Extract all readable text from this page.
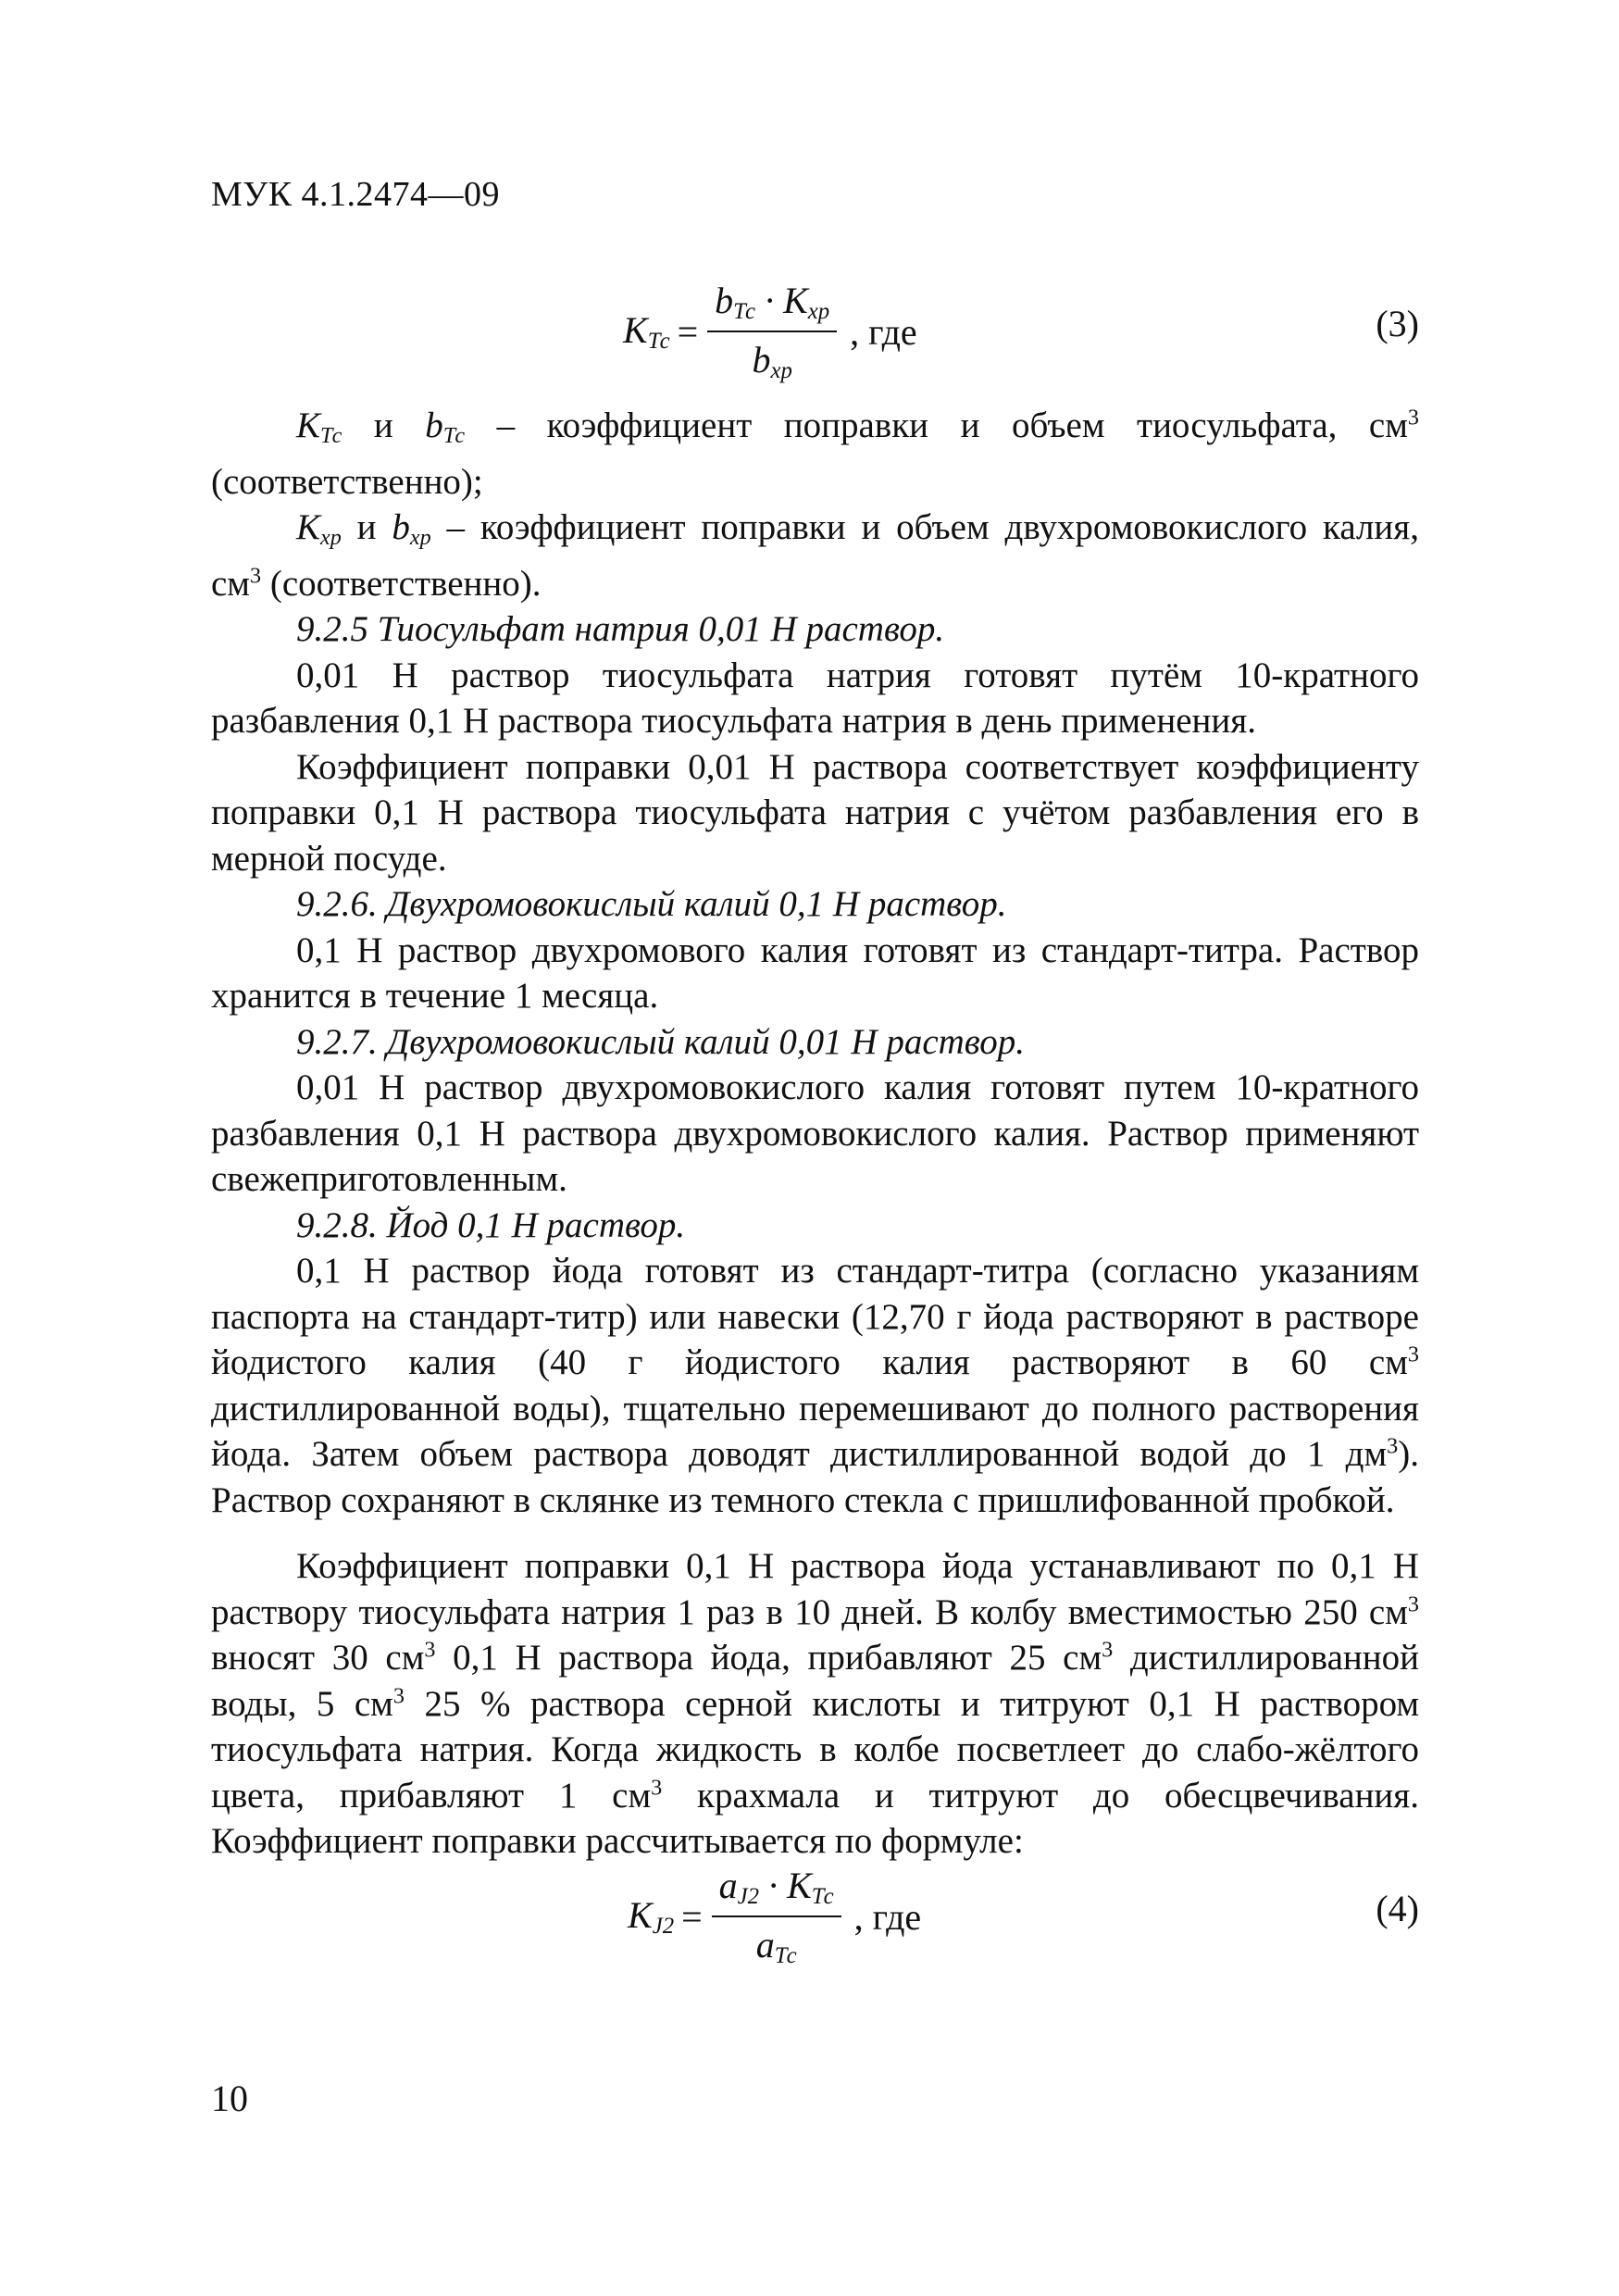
МУК 4.1.2474—09
$K_{Тс} = \frac{b_{Тс} \cdot K_{хр}}{b_{хр}}$ , где	(3)

$K_{Тс}$ и $b_{Тс}$ – коэффициент поправки и объем тиосульфата, $см^3$ (соответственно);

$K_{хр}$ и $b_{хр}$ – коэффициент поправки и объем двухромовокислого калия, $см^3$ (соответственно).

9.2.5 Тиосульфат натрия 0,01 Н раствор.

0,01 Н раствор тиосульфата натрия готовят путём 10-кратного разбавления 0,1 Н раствора тиосульфата натрия в день применения.

Коэффициент поправки 0,01 Н раствора соответствует коэффициенту поправки 0,1 Н раствора тиосульфата натрия с учётом разбавления его в мерной посуде.

9.2.6. Двухромовокислый калий 0,1 Н раствор.

0,1 Н раствор двухромового калия готовят из стандарт-титра. Раствор хранится в течение 1 месяца.

9.2.7. Двухромовокислый калий 0,01 Н раствор.

0,01 Н раствор двухромовокислого калия готовят путем 10-кратного разбавления 0,1 Н раствора двухромовокислого калия. Раствор применяют свежеприготовленным.

9.2.8. Йод 0,1 Н раствор.

0,1 Н раствор йода готовят из стандарт-титра (согласно указаниям паспорта на стандарт-титр) или навески (12,70 г йода растворяют в растворе йодистого калия (40 г йодистого калия растворяют в 60 $см^3$ дистиллированной воды), тщательно перемешивают до полного растворения йода. Затем объем раствора доводят дистиллированной водой до 1 $дм^3$). Раствор сохраняют в склянке из темного стекла с пришлифованной пробкой.

Коэффициент поправки 0,1 Н раствора йода устанавливают по 0,1 Н раствору тиосульфата натрия 1 раз в 10 дней. В колбу вместимостью 250 $см^3$ вносят 30 $см^3$ 0,1 Н раствора йода, прибавляют 25 $см^3$ дистиллированной воды, 5 $см^3$ 25 % раствора серной кислоты и титруют 0,1 Н раствором тиосульфата натрия. Когда жидкость в колбе посветлеет до слабо-жёлтого цвета, прибавляют 1 $см^3$ крахмала и титруют до обесцвечивания. Коэффициент поправки рассчитывается по формуле:

$K_{J2} = \frac{a_{J2} \cdot K_{Тс}}{a_{Тс}}$ , где	(4)
10
